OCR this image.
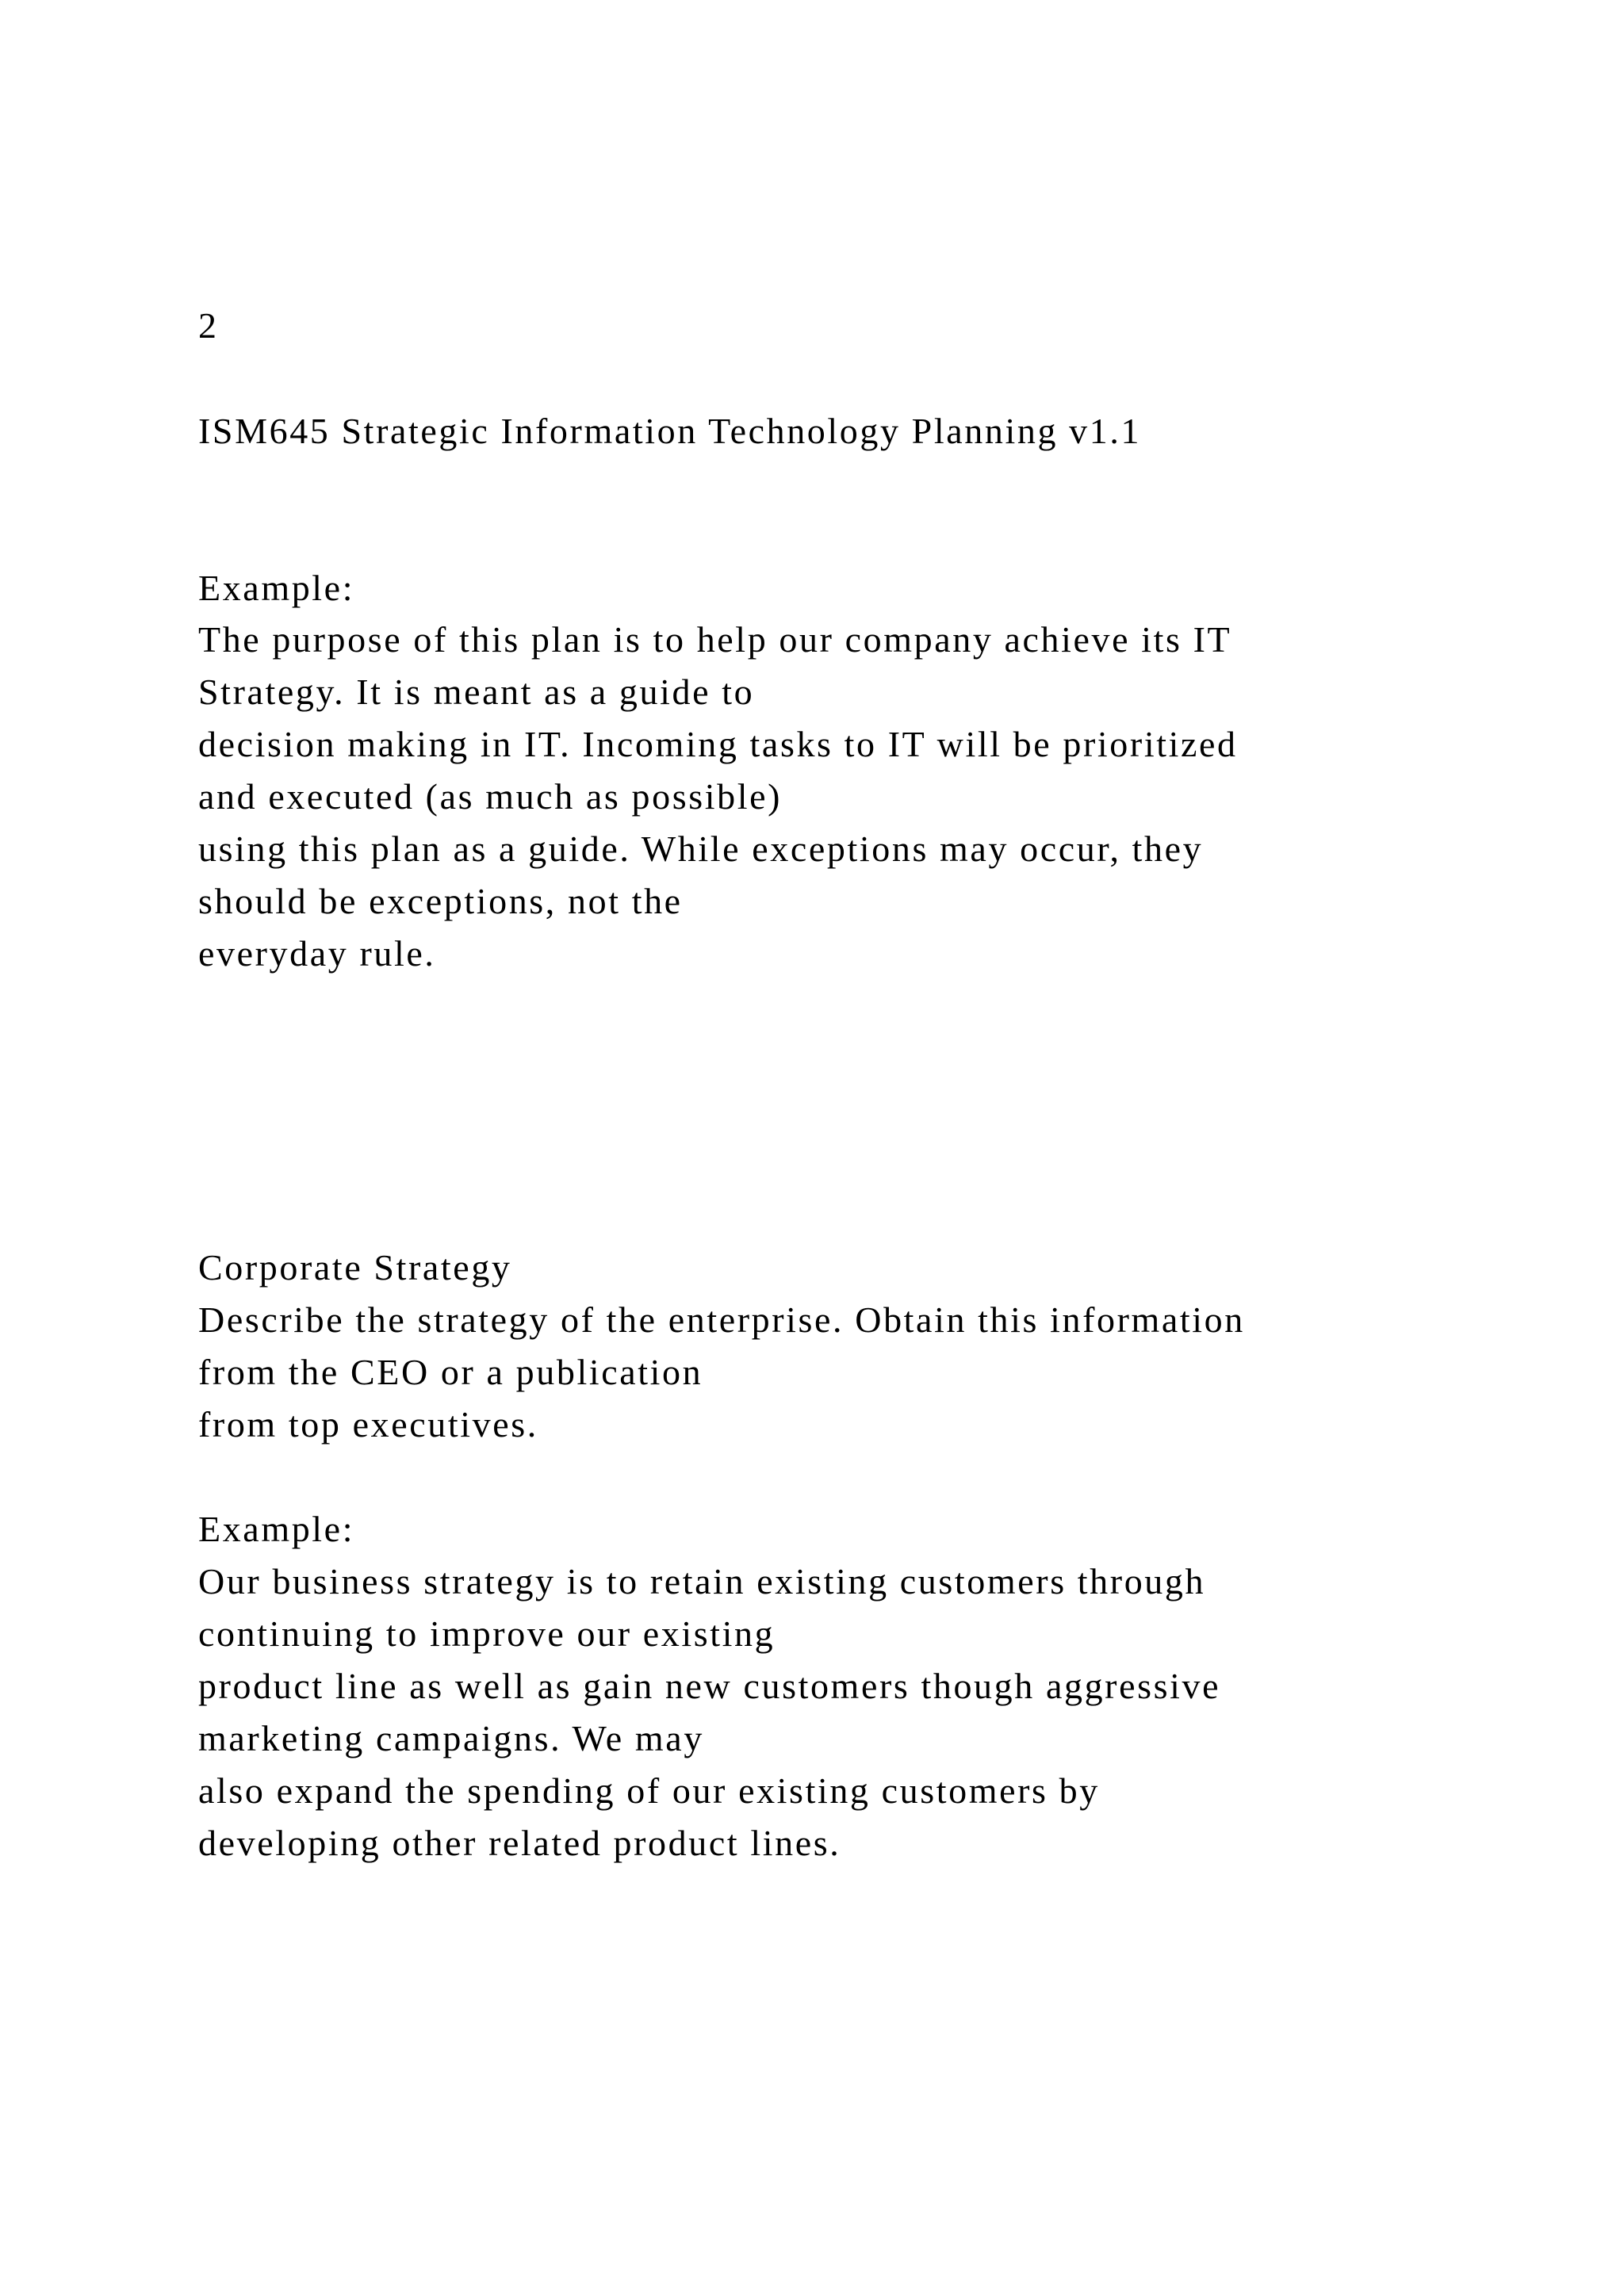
2
ISM645 Strategic Information Technology Planning v1.1
Example:
The purpose of this plan is to help our company achieve its IT
Strategy. It is meant as a guide to
decision making in IT. Incoming tasks to IT will be prioritized
and executed (as much as possible)
using this plan as a guide. While exceptions may occur, they
should be exceptions, not the
everyday rule.
Corporate Strategy
Describe the strategy of the enterprise. Obtain this information
from the CEO or a publication
from top executives.
Example:
Our business strategy is to retain existing customers through
continuing to improve our existing
product line as well as gain new customers though aggressive
marketing campaigns. We may
also expand the spending of our existing customers by
developing other related product lines.
